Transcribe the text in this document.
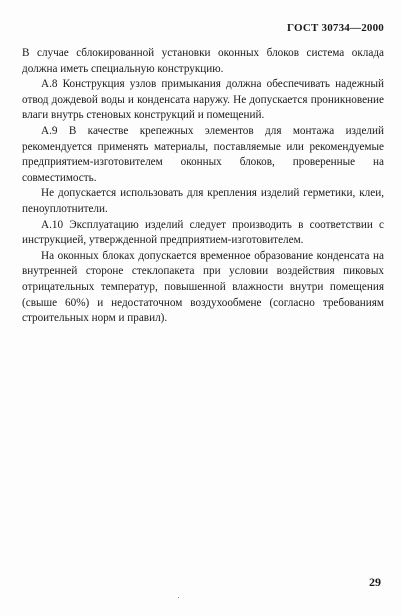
ГОСТ 30734—2000

В случае сблокированной установки оконных блоков система оклада должна иметь специальную конструкцию.

А.8 Конструкция узлов примыкания должна обеспечивать надежный отвод дождевой воды и конденсата наружу. Не допускается проникновение влаги внутрь стеновых конструкций и помещений.

А.9 В качестве крепежных элементов для монтажа изделий рекомендуется применять материалы, поставляемые или рекомендуемые предприятием-изготовителем оконных блоков, проверенные на совместимость.

Не допускается использовать для крепления изделий герметики, клеи, пеноуплотнители.

А.10 Эксплуатацию изделий следует производить в соответствии с инструкцией, утвержденной предприятием-изготовителем.

На оконных блоках допускается временное образование конденсата на внутренней стороне стеклопакета при условии воздействия пиковых отрицательных температур, повышенной влажности внутри помещения (свыше 60%) и недостаточном воздухообмене (согласно требованиям строительных норм и правил).

29
